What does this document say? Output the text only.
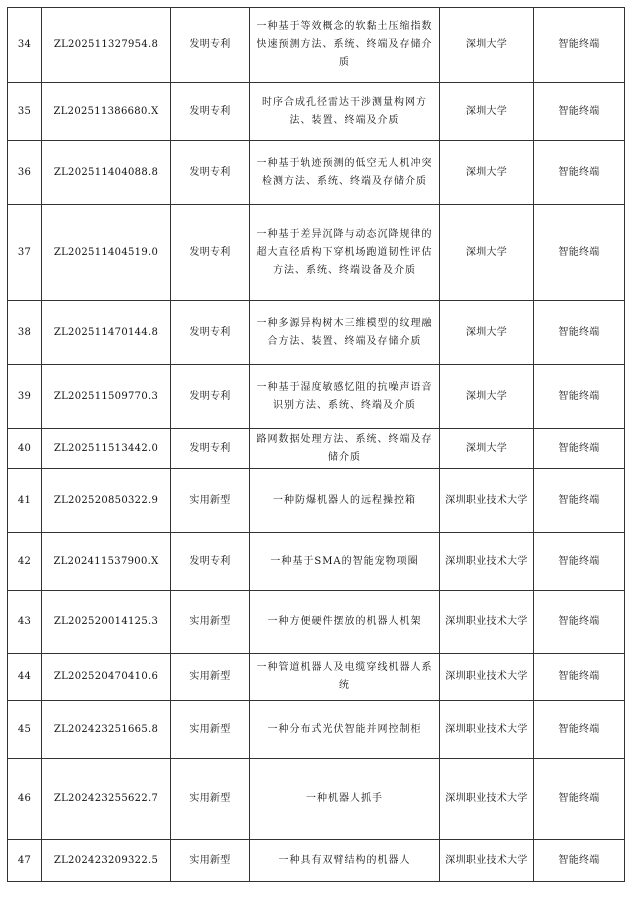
34	ZL202511327954.8	发明专利	一种基于等效概念的软黏土压缩指数快速预测方法、系统、终端及存储介质	深圳大学	智能终端
35	ZL202511386680.X	发明专利	时序合成孔径雷达干涉测量构网方法、装置、终端及介质	深圳大学	智能终端
36	ZL202511404088.8	发明专利	一种基于轨迹预测的低空无人机冲突检测方法、系统、终端及存储介质	深圳大学	智能终端
37	ZL202511404519.0	发明专利	一种基于差异沉降与动态沉降规律的超大直径盾构下穿机场跑道韧性评估方法、系统、终端设备及介质	深圳大学	智能终端
38	ZL202511470144.8	发明专利	一种多源异构树木三维模型的纹理融合方法、装置、终端及存储介质	深圳大学	智能终端
39	ZL202511509770.3	发明专利	一种基于湿度敏感忆阻的抗噪声语音识别方法、系统、终端及介质	深圳大学	智能终端
40	ZL202511513442.0	发明专利	路网数据处理方法、系统、终端及存储介质	深圳大学	智能终端
41	ZL202520850322.9	实用新型	一种防爆机器人的远程操控箱	深圳职业技术大学	智能终端
42	ZL202411537900.X	发明专利	一种基于SMA的智能宠物项圈	深圳职业技术大学	智能终端
43	ZL202520014125.3	实用新型	一种方便硬件摆放的机器人机架	深圳职业技术大学	智能终端
44	ZL202520470410.6	实用新型	一种管道机器人及电缆穿线机器人系统	深圳职业技术大学	智能终端
45	ZL202423251665.8	实用新型	一种分布式光伏智能并网控制柜	深圳职业技术大学	智能终端
46	ZL202423255622.7	实用新型	一种机器人抓手	深圳职业技术大学	智能终端
47	ZL202423209322.5	实用新型	一种具有双臂结构的机器人	深圳职业技术大学	智能终端
